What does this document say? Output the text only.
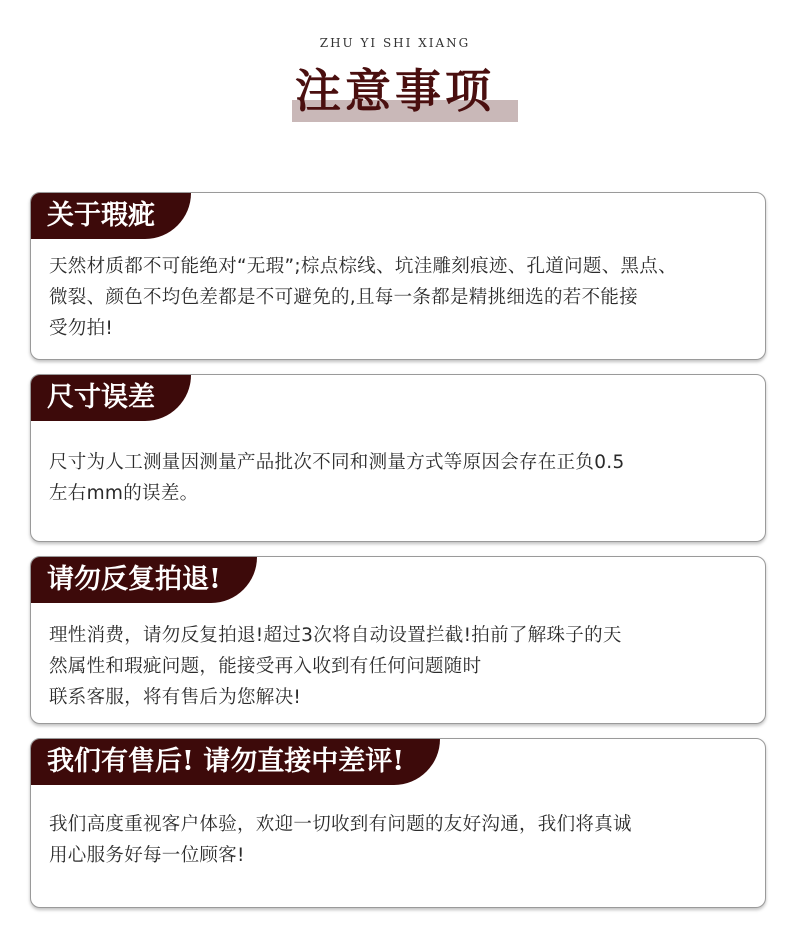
ZHU YI SHI XIANG
注意事项
关于瑕疵

天然材质都不可能绝对“无瑕”;棕点棕线、坑洼雕刻痕迹、孔道问题、黑点、

微裂、颜色不均色差都是不可避免的,且每一条都是精挑细选的若不能接

受勿拍!

尺寸误差

尺寸为人工测量因测量产品批次不同和测量方式等原因会存在正负0.5

左右mm的误差。

请勿反复拍退!

理性消费，请勿反复拍退!超过3次将自动设置拦截!拍前了解珠子的天

然属性和瑕疵问题，能接受再入收到有任何问题随时

联系客服，将有售后为您解决!

我们有售后! 请勿直接中差评!

我们高度重视客户体验，欢迎一切收到有问题的友好沟通，我们将真诚

用心服务好每一位顾客!
